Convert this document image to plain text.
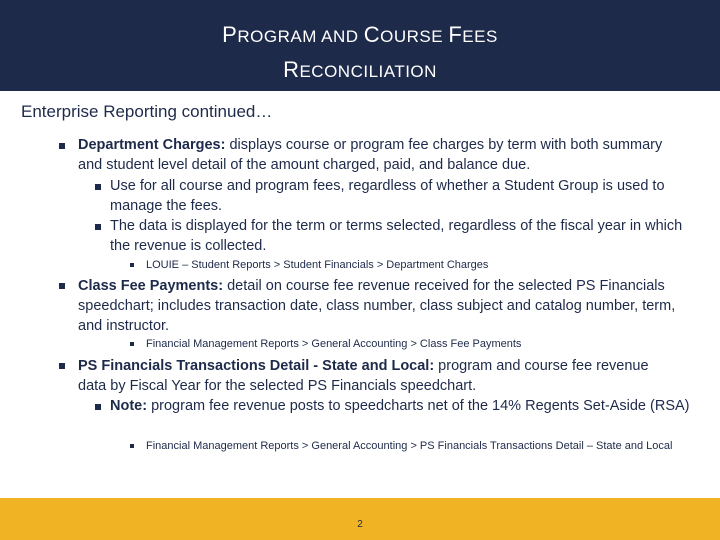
PROGRAM AND COURSE FEES
RECONCILIATION
Enterprise Reporting continued…
Department Charges: displays course or program fee charges by term with both summary and student level detail of the amount charged, paid, and balance due.
Use for all course and program fees, regardless of whether a Student Group is used to manage the fees.
The data is displayed for the term or terms selected, regardless of the fiscal year in which the revenue is collected.
LOUIE – Student Reports > Student Financials > Department Charges
Class Fee Payments: detail on course fee revenue received for the selected PS Financials speedchart; includes transaction date, class number, class subject and catalog number, term, and instructor.
Financial Management Reports > General Accounting > Class Fee Payments
PS Financials Transactions Detail - State and Local: program and course fee revenue data by Fiscal Year for the selected PS Financials speedchart.
Note: program fee revenue posts to speedcharts net of the 14% Regents Set-Aside (RSA)
Financial Management Reports > General Accounting > PS Financials Transactions Detail – State and Local
2
